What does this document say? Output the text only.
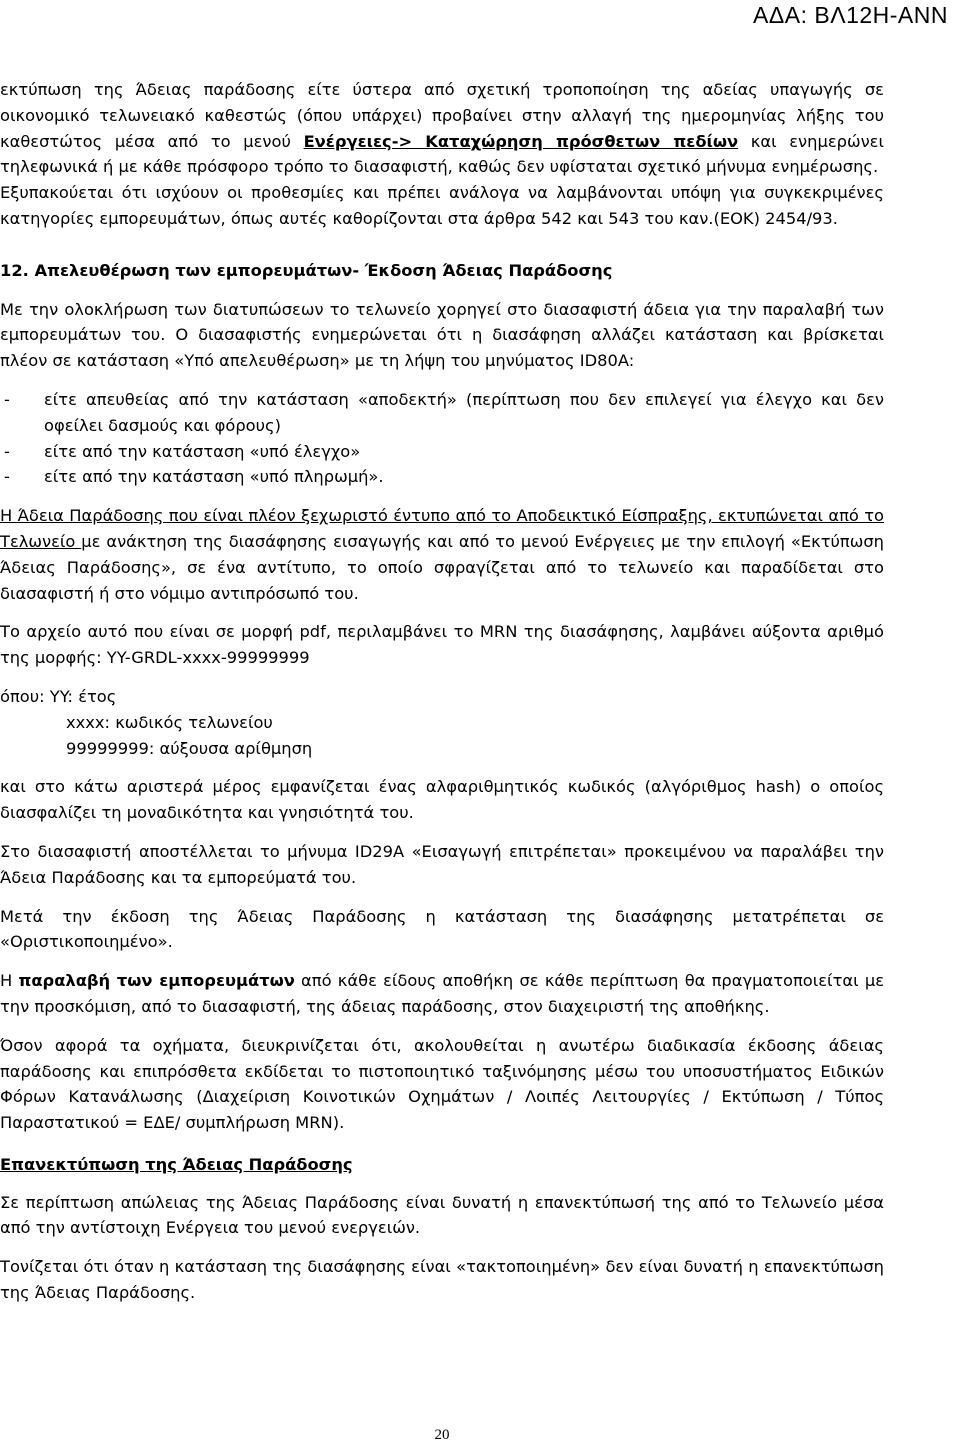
ΑΔΑ: ΒΛ12Η-ΑΝΝ

εκτύπωση της Άδειας παράδοσης είτε ύστερα από σχετική τροποποίηση της αδείας υπαγωγής σε οικονομικό τελωνειακό καθεστώς (όπου υπάρχει) προβαίνει στην αλλαγή της ημερομηνίας λήξης του καθεστώτος μέσα από το μενού Ενέργειες-> Καταχώρηση πρόσθετων πεδίων και ενημερώνει τηλεφωνικά ή με κάθε πρόσφορο τρόπο το διασαφιστή, καθώς δεν υφίσταται σχετικό μήνυμα ενημέρωσης.

Εξυπακούεται ότι ισχύουν οι προθεσμίες και πρέπει ανάλογα να λαμβάνονται υπόψη για συγκεκριμένες κατηγορίες εμπορευμάτων, όπως αυτές καθορίζονται στα άρθρα 542 και 543 του καν.(ΕΟΚ) 2454/93.

12. Απελευθέρωση των εμπορευμάτων- Έκδοση Άδειας Παράδοσης

Με την ολοκλήρωση των διατυπώσεων το τελωνείο χορηγεί στο διασαφιστή άδεια για την παραλαβή των εμπορευμάτων του. Ο διασαφιστής ενημερώνεται ότι η διασάφηση αλλάζει κατάσταση και βρίσκεται πλέον σε κατάσταση «Υπό απελευθέρωση» με τη λήψη του μηνύματος ID80A:

-	είτε απευθείας από την κατάσταση «αποδεκτή» (περίπτωση που δεν επιλεγεί για έλεγχο και δεν οφείλει δασμούς και φόρους)
-	είτε από την κατάσταση «υπό έλεγχο»
-	είτε από την κατάσταση «υπό πληρωμή».

Η Άδεια Παράδοσης που είναι πλέον ξεχωριστό έντυπο από το Αποδεικτικό Είσπραξης, εκτυπώνεται από το Τελωνείο με ανάκτηση της διασάφησης εισαγωγής και από το μενού Ενέργειες με την επιλογή «Εκτύπωση Άδειας Παράδοσης», σε ένα αντίτυπο, το οποίο σφραγίζεται από το τελωνείο και παραδίδεται στο διασαφιστή ή στο νόμιμο αντιπρόσωπό του.

Το αρχείο αυτό που είναι σε μορφή pdf, περιλαμβάνει το MRN της διασάφησης, λαμβάνει αύξοντα αριθμό της μορφής: YY-GRDL-xxxx-99999999

όπου: YY: έτος
xxxx: κωδικός τελωνείου
99999999: αύξουσα αρίθμηση

και στο κάτω αριστερά μέρος εμφανίζεται ένας αλφαριθμητικός κωδικός (αλγόριθμος hash) ο οποίος διασφαλίζει τη μοναδικότητα και γνησιότητά του.

Στο διασαφιστή αποστέλλεται το μήνυμα ID29A «Εισαγωγή επιτρέπεται» προκειμένου να παραλάβει την Άδεια Παράδοσης και τα εμπορεύματά του.

Μετά την έκδοση της Άδειας Παράδοσης η κατάσταση της διασάφησης μετατρέπεται σε «Οριστικοποιημένο».

Η παραλαβή των εμπορευμάτων από κάθε είδους αποθήκη σε κάθε περίπτωση θα πραγματοποιείται με την προσκόμιση, από το διασαφιστή, της άδειας παράδοσης, στον διαχειριστή της αποθήκης.

Όσον αφορά τα οχήματα, διευκρινίζεται ότι, ακολουθείται η ανωτέρω διαδικασία έκδοσης άδειας παράδοσης και επιπρόσθετα εκδίδεται το πιστοποιητικό ταξινόμησης μέσω του υποσυστήματος Ειδικών Φόρων Κατανάλωσης (Διαχείριση Κοινοτικών Οχημάτων / Λοιπές Λειτουργίες / Εκτύπωση / Τύπος Παραστατικού = ΕΔΕ/ συμπλήρωση MRN).

Επανεκτύπωση της Άδειας Παράδοσης

Σε περίπτωση απώλειας της Άδειας Παράδοσης είναι δυνατή η επανεκτύπωσή της από το Τελωνείο μέσα από την αντίστοιχη Ενέργεια του μενού ενεργειών.

Τονίζεται ότι όταν η κατάσταση της διασάφησης είναι «τακτοποιημένη» δεν είναι δυνατή η επανεκτύπωση της Άδειας Παράδοσης.

20
